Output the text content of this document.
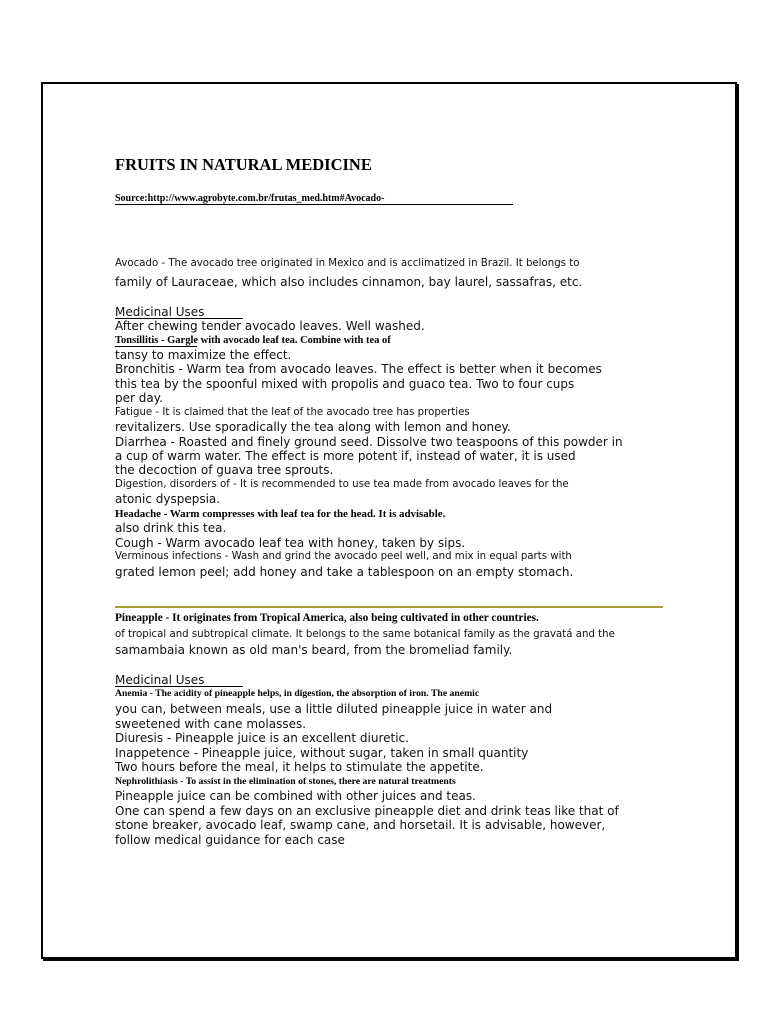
FRUITS IN NATURAL MEDICINE
Source:http://www.agrobyte.com.br/frutas_med.htm#Avocado-
Avocado - The avocado tree originated in Mexico and is acclimatized in Brazil. It belongs to
family of Lauraceae, which also includes cinnamon, bay laurel, sassafras, etc.
Medicinal Uses
After chewing tender avocado leaves. Well washed.
Tonsillitis - Gargle with avocado leaf tea. Combine with tea of
tansy to maximize the effect.
Bronchitis - Warm tea from avocado leaves. The effect is better when it becomes
this tea by the spoonful mixed with propolis and guaco tea. Two to four cups
per day.
Fatigue - It is claimed that the leaf of the avocado tree has properties
revitalizers. Use sporadically the tea along with lemon and honey.
Diarrhea - Roasted and finely ground seed. Dissolve two teaspoons of this powder in
a cup of warm water. The effect is more potent if, instead of water, it is used
the decoction of guava tree sprouts.
Digestion, disorders of - It is recommended to use tea made from avocado leaves for the
atonic dyspepsia.
Headache - Warm compresses with leaf tea for the head. It is advisable.
also drink this tea.
Cough - Warm avocado leaf tea with honey, taken by sips.
Verminous infections - Wash and grind the avocado peel well, and mix in equal parts with
grated lemon peel; add honey and take a tablespoon on an empty stomach.
Pineapple - It originates from Tropical America, also being cultivated in other countries.
of tropical and subtropical climate. It belongs to the same botanical family as the gravatá and the
samambaia known as old man's beard, from the bromeliad family.
Medicinal Uses
Anemia - The acidity of pineapple helps, in digestion, the absorption of iron. The anemic
you can, between meals, use a little diluted pineapple juice in water and
sweetened with cane molasses.
Diuresis - Pineapple juice is an excellent diuretic.
Inappetence - Pineapple juice, without sugar, taken in small quantity
Two hours before the meal, it helps to stimulate the appetite.
Nephrolithiasis - To assist in the elimination of stones, there are natural treatments
Pineapple juice can be combined with other juices and teas.
One can spend a few days on an exclusive pineapple diet and drink teas like that of
stone breaker, avocado leaf, swamp cane, and horsetail. It is advisable, however,
follow medical guidance for each case
